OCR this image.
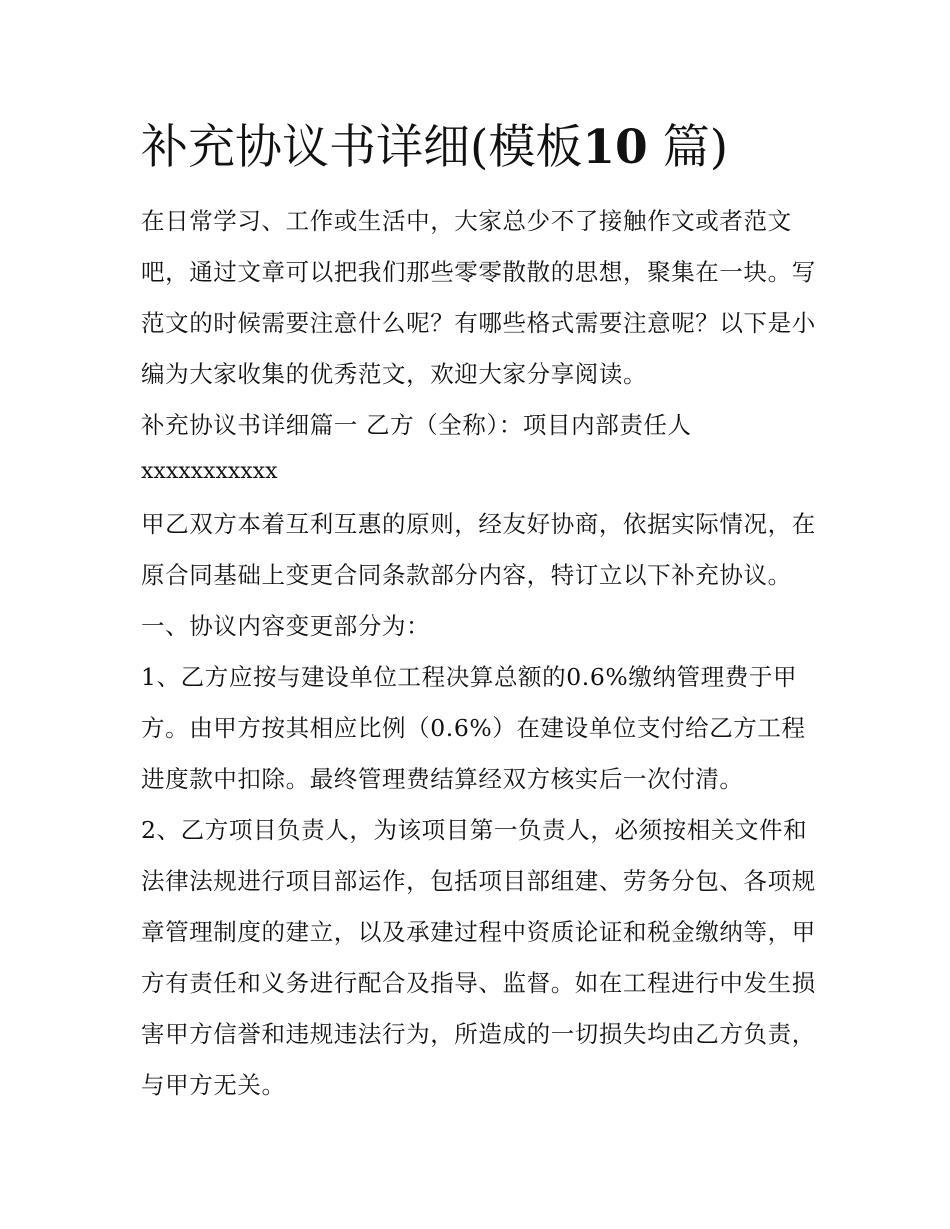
补充协议书详细(模板10 篇)

在日常学习、工作或生活中，大家总少不了接触作文或者范文吧，通过文章可以把我们那些零零散散的思想，聚集在一块。写范文的时候需要注意什么呢？有哪些格式需要注意呢？以下是小编为大家收集的优秀范文，欢迎大家分享阅读。

补充协议书详细篇一 乙方（全称）：项目内部责任人

xxxxxxxxxxx

甲乙双方本着互利互惠的原则，经友好协商，依据实际情况，在原合同基础上变更合同条款部分内容，特订立以下补充协议。 一、协议内容变更部分为：

1、乙方应按与建设单位工程决算总额的0.6%缴纳管理费于甲方。由甲方按其相应比例（0.6%）在建设单位支付给乙方工程进度款中扣除。最终管理费结算经双方核实后一次付清。

2、乙方项目负责人，为该项目第一负责人，必须按相关文件和法律法规进行项目部运作，包括项目部组建、劳务分包、各项规章管理制度的建立，以及承建过程中资质论证和税金缴纳等，甲方有责任和义务进行配合及指导、监督。如在工程进行中发生损害甲方信誉和违规违法行为，所造成的一切损失均由乙方负责，与甲方无关。
